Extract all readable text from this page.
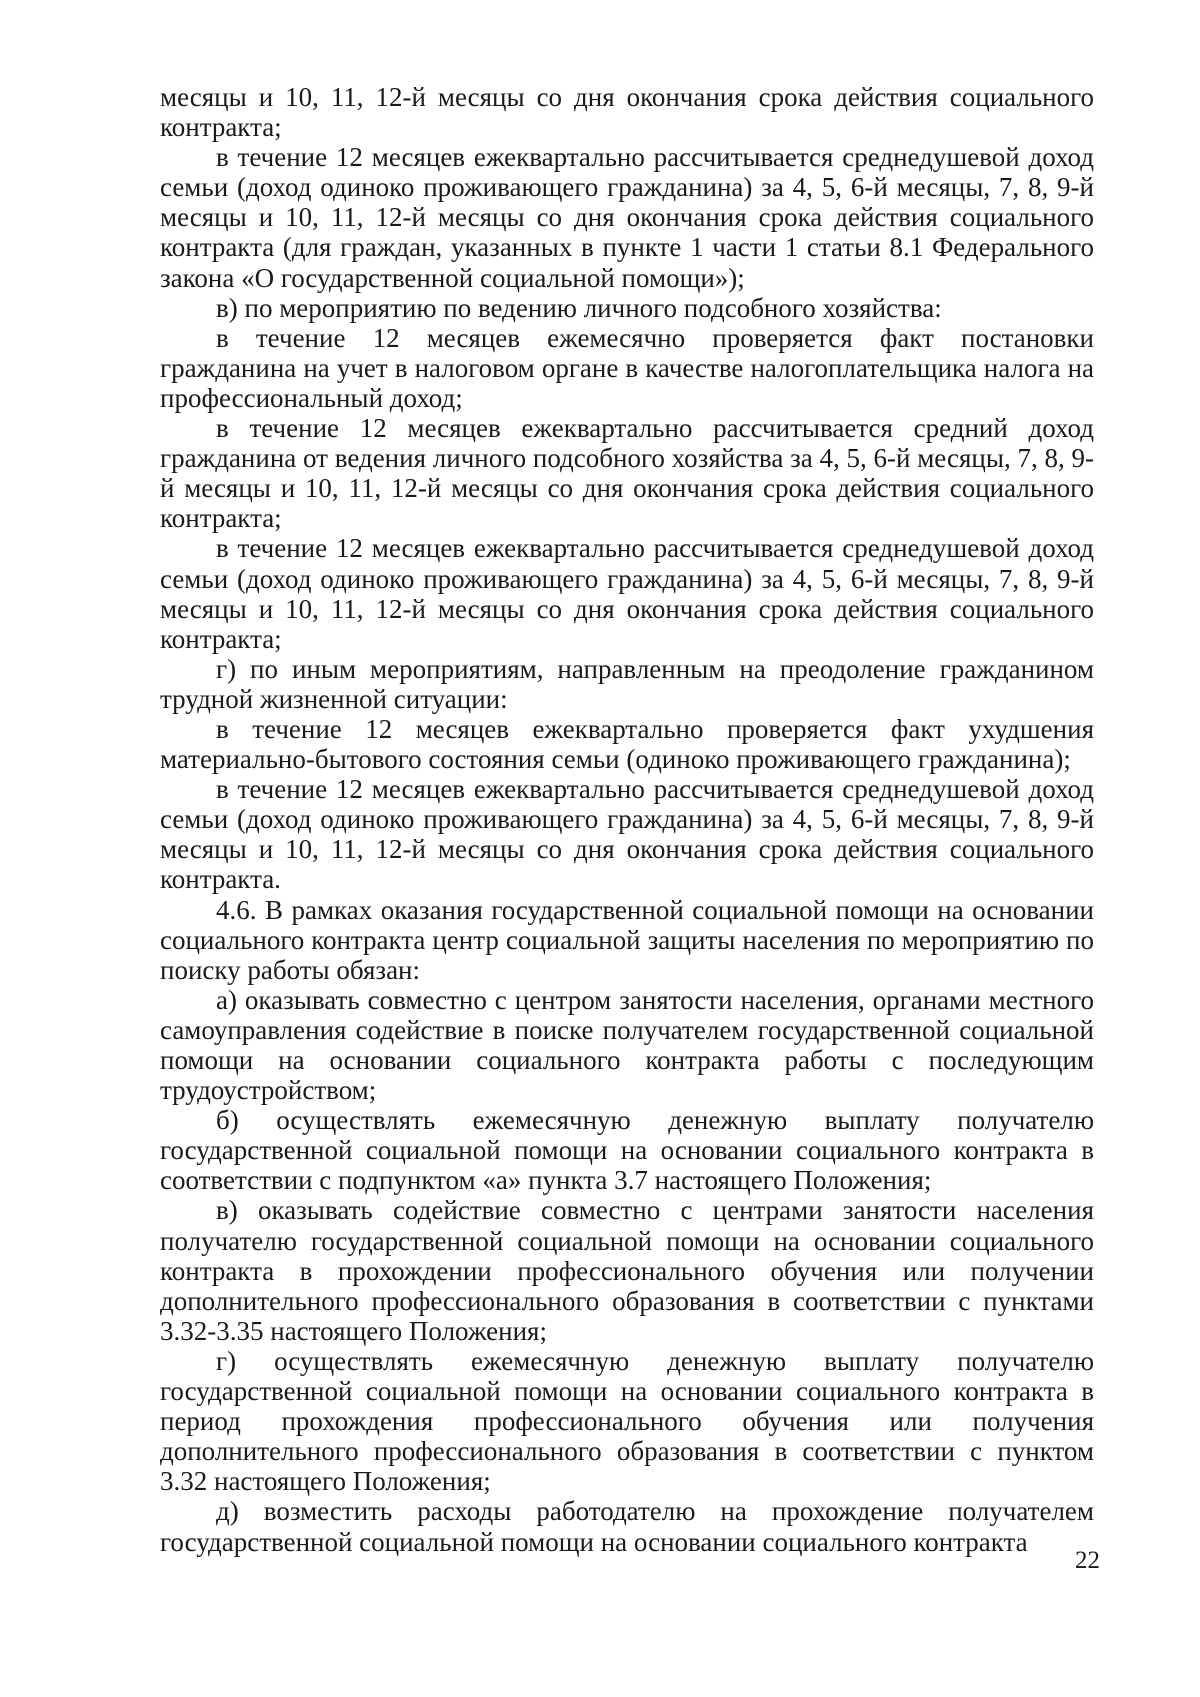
месяцы и 10, 11, 12-й месяцы со дня окончания срока действия социального контракта;

в течение 12 месяцев ежеквартально рассчитывается среднедушевой доход семьи (доход одиноко проживающего гражданина) за 4, 5, 6-й месяцы, 7, 8, 9-й месяцы и 10, 11, 12-й месяцы со дня окончания срока действия социального контракта (для граждан, указанных в пункте 1 части 1 статьи 8.1 Федерального закона «О государственной социальной помощи»);

в) по мероприятию по ведению личного подсобного хозяйства:

в течение 12 месяцев ежемесячно проверяется факт постановки гражданина на учет в налоговом органе в качестве налогоплательщика налога на профессиональный доход;

в течение 12 месяцев ежеквартально рассчитывается средний доход гражданина от ведения личного подсобного хозяйства за 4, 5, 6-й месяцы, 7, 8, 9-й месяцы и 10, 11, 12-й месяцы со дня окончания срока действия социального контракта;

в течение 12 месяцев ежеквартально рассчитывается среднедушевой доход семьи (доход одиноко проживающего гражданина) за 4, 5, 6-й месяцы, 7, 8, 9-й месяцы и 10, 11, 12-й месяцы со дня окончания срока действия социального контракта;

г) по иным мероприятиям, направленным на преодоление гражданином трудной жизненной ситуации:

в течение 12 месяцев ежеквартально проверяется факт ухудшения материально-бытового состояния семьи (одиноко проживающего гражданина);

в течение 12 месяцев ежеквартально рассчитывается среднедушевой доход семьи (доход одиноко проживающего гражданина) за 4, 5, 6-й месяцы, 7, 8, 9-й месяцы и 10, 11, 12-й месяцы со дня окончания срока действия социального контракта.

4.6. В рамках оказания государственной социальной помощи на основании социального контракта центр социальной защиты населения по мероприятию по поиску работы обязан:

а) оказывать совместно с центром занятости населения, органами местного самоуправления содействие в поиске получателем государственной социальной помощи на основании социального контракта работы с последующим трудоустройством;

б) осуществлять ежемесячную денежную выплату получателю государственной социальной помощи на основании социального контракта в соответствии с подпунктом «а» пункта 3.7 настоящего Положения;

в) оказывать содействие совместно с центрами занятости населения получателю государственной социальной помощи на основании социального контракта в прохождении профессионального обучения или получении дополнительного профессионального образования в соответствии с пунктами 3.32-3.35 настоящего Положения;

г) осуществлять ежемесячную денежную выплату получателю государственной социальной помощи на основании социального контракта в период прохождения профессионального обучения или получения дополнительного профессионального образования в соответствии с пунктом 3.32 настоящего Положения;

д) возместить расходы работодателю на прохождение получателем государственной социальной помощи на основании социального контракта

22
